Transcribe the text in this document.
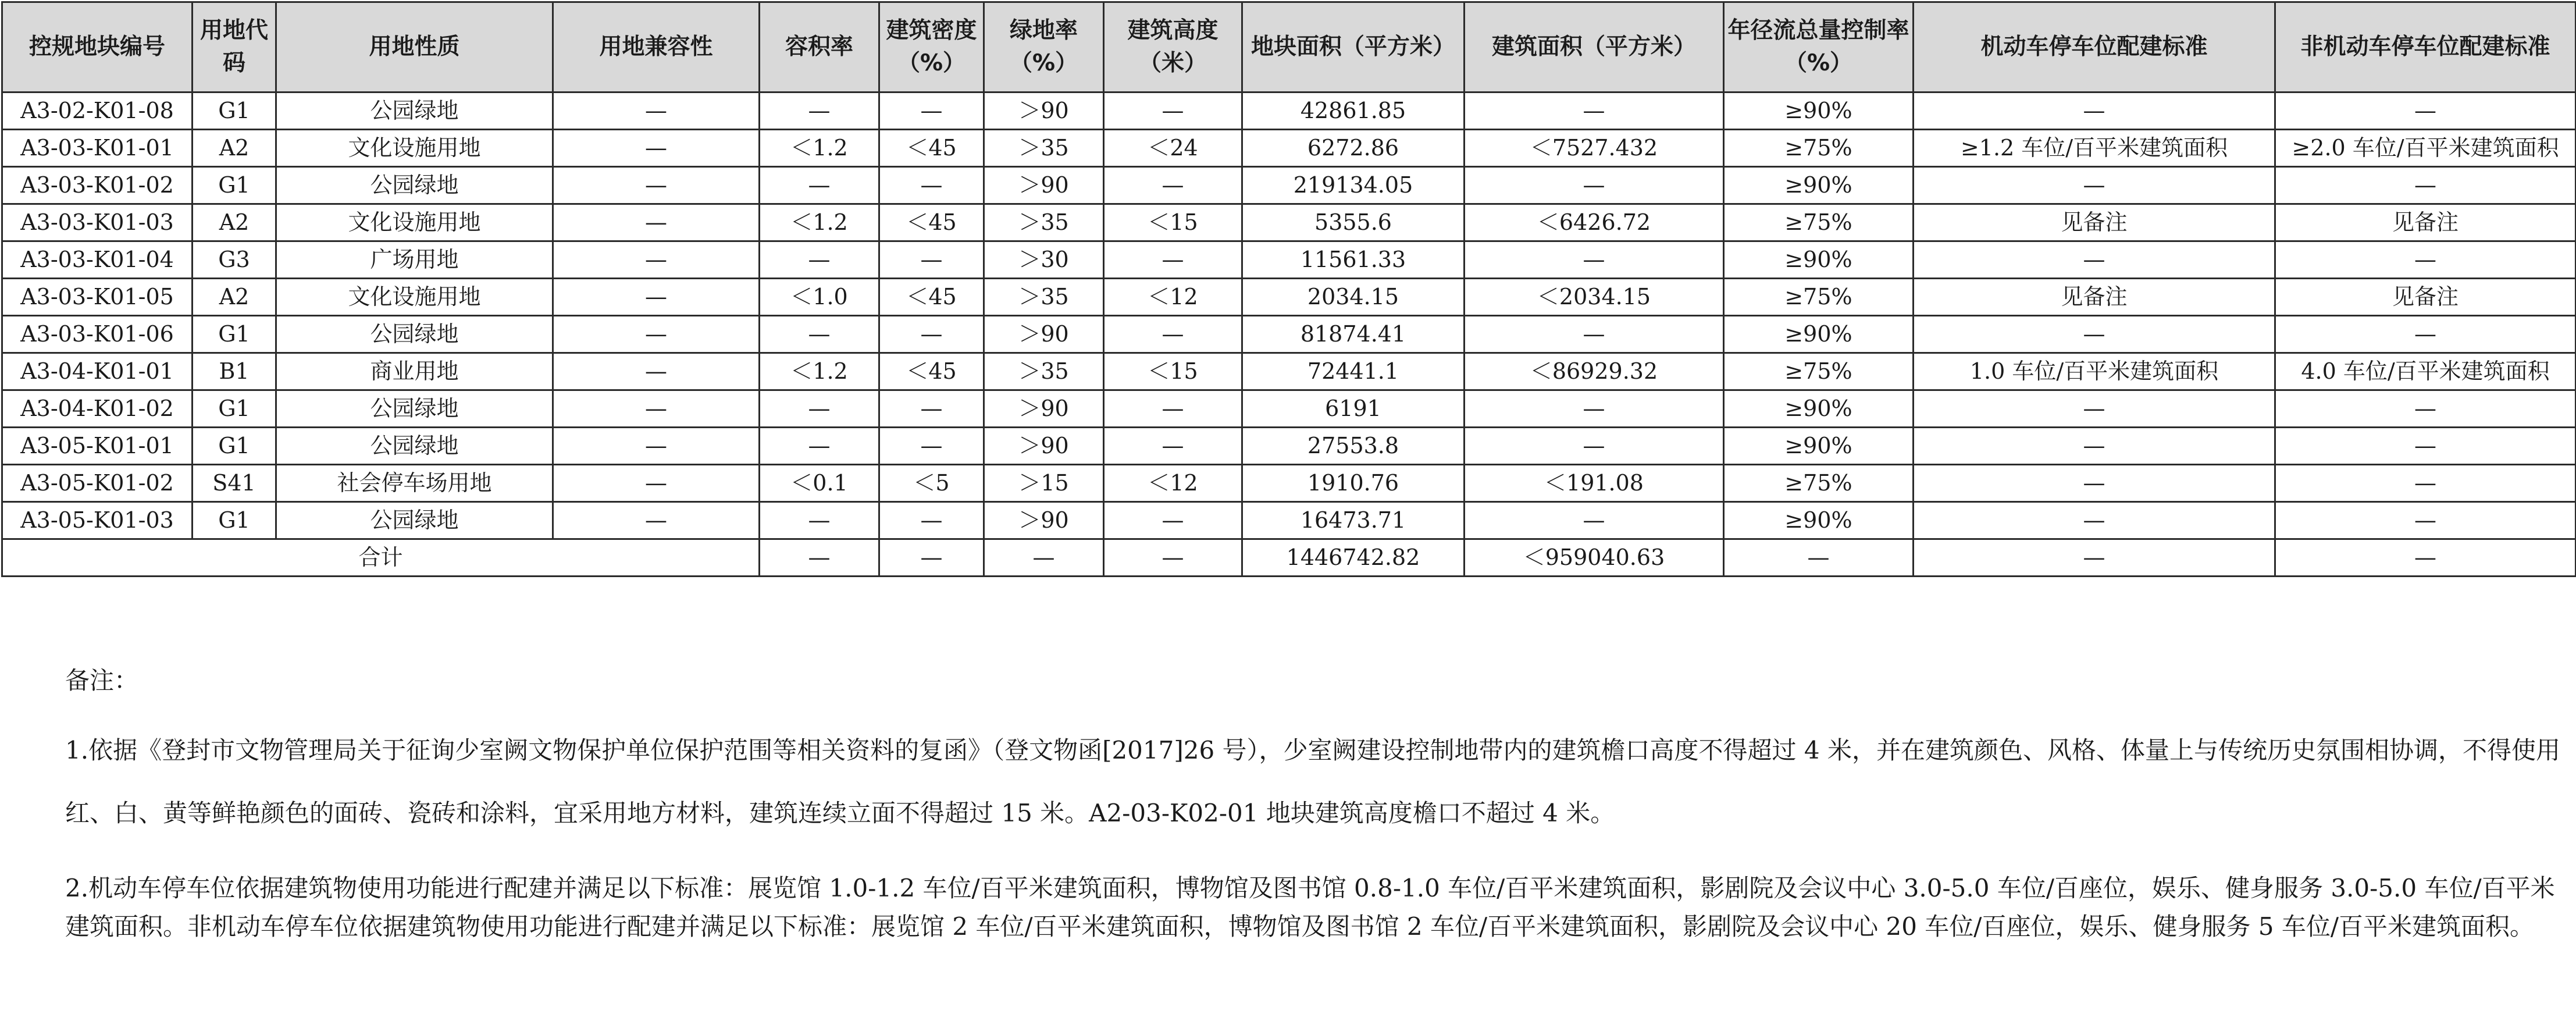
控规地块编号	用地代码	用地性质	用地兼容性	容积率	建筑密度（%）	绿地率（%）	建筑高度（米）	地块面积（平方米）	建筑面积（平方米）	年径流总量控制率（%）	机动车停车位配建标准	非机动车停车位配建标准
A3-02-K01-08	G1	公园绿地	—	—	—	＞90	—	42861.85	—	≥90%	—	—
A3-03-K01-01	A2	文化设施用地	—	＜1.2	＜45	＞35	＜24	6272.86	＜7527.432	≥75%	≥1.2 车位/百平米建筑面积	≥2.0 车位/百平米建筑面积
A3-03-K01-02	G1	公园绿地	—	—	—	＞90	—	219134.05	—	≥90%	—	—
A3-03-K01-03	A2	文化设施用地	—	＜1.2	＜45	＞35	＜15	5355.6	＜6426.72	≥75%	见备注	见备注
A3-03-K01-04	G3	广场用地	—	—	—	＞30	—	11561.33	—	≥90%	—	—
A3-03-K01-05	A2	文化设施用地	—	＜1.0	＜45	＞35	＜12	2034.15	＜2034.15	≥75%	见备注	见备注
A3-03-K01-06	G1	公园绿地	—	—	—	＞90	—	81874.41	—	≥90%	—	—
A3-04-K01-01	B1	商业用地	—	＜1.2	＜45	＞35	＜15	72441.1	＜86929.32	≥75%	1.0 车位/百平米建筑面积	4.0 车位/百平米建筑面积
A3-04-K01-02	G1	公园绿地	—	—	—	＞90	—	6191	—	≥90%	—	—
A3-05-K01-01	G1	公园绿地	—	—	—	＞90	—	27553.8	—	≥90%	—	—
A3-05-K01-02	S41	社会停车场用地	—	＜0.1	＜5	＞15	＜12	1910.76	＜191.08	≥75%	—	—
A3-05-K01-03	G1	公园绿地	—	—	—	＞90	—	16473.71	—	≥90%	—	—
合计				—	—	—	—	1446742.82	＜959040.63	—	—	—
备注：
1.依据《登封市文物管理局关于征询少室阙文物保护单位保护范围等相关资料的复函》（登文物函[2017]26 号），少室阙建设控制地带内的建筑檐口高度不得超过 4 米，并在建筑颜色、风格、体量上与传统历史氛围相协调，不得使用红、白、黄等鲜艳颜色的面砖、瓷砖和涂料，宜采用地方材料，建筑连续立面不得超过 15 米。A2-03-K02-01 地块建筑高度檐口不超过 4 米。
2.机动车停车位依据建筑物使用功能进行配建并满足以下标准：展览馆 1.0-1.2 车位/百平米建筑面积，博物馆及图书馆 0.8-1.0 车位/百平米建筑面积，影剧院及会议中心 3.0-5.0 车位/百座位，娱乐、健身服务 3.0-5.0 车位/百平米建筑面积。非机动车停车位依据建筑物使用功能进行配建并满足以下标准：展览馆 2 车位/百平米建筑面积，博物馆及图书馆 2 车位/百平米建筑面积，影剧院及会议中心 20 车位/百座位，娱乐、健身服务 5 车位/百平米建筑面积。
